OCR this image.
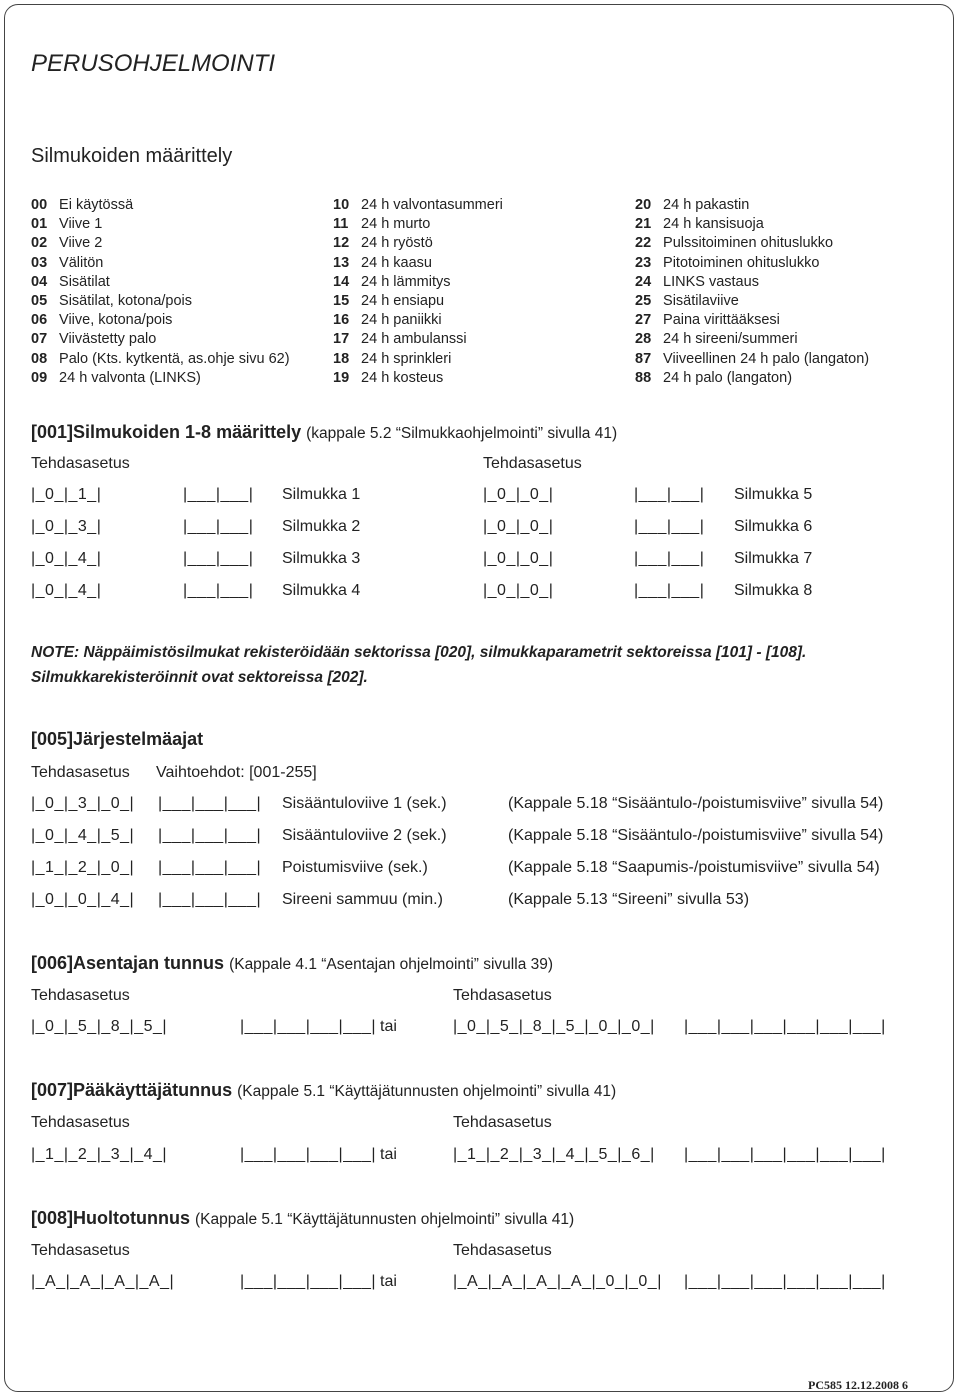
PERUSOHJELMOINTI
Silmukoiden määrittely
00 Ei käytössä
01 Viive 1
02 Viive 2
03 Välitön
04 Sisätilat
05 Sisätilat, kotona/pois
06 Viive, kotona/pois
07 Viivästetty palo
08 Palo (Kts. kytkentä, as.ohje sivu 62)
09 24 h valvonta (LINKS)
10 24 h valvontasummeri
11 24 h murto
12 24 h ryöstö
13 24 h kaasu
14 24 h lämmitys
15 24 h ensiapu
16 24 h paniikki
17 24 h ambulanssi
18 24 h sprinkleri
19 24 h kosteus
20 24 h pakastin
21 24 h kansisuoja
22 Pulssitoiminen ohituslukko
23 Pitotoiminen ohituslukko
24 LINKS vastaus
25 Sisätilaviive
27 Paina virittääksesi
28 24 h sireeni/summeri
87 Viiveellinen 24 h palo (langaton)
88 24 h palo (langaton)
[001]Silmukoiden 1-8 määrittely (kappale 5.2 “Silmukkaohjelmointi” sivulla 41)
Tehdasasetus	Tehdasasetus
|_0_|_1_|	|___|___| Silmukka 1
|_0_|_3_|	|___|___| Silmukka 2
|_0_|_4_|	|___|___| Silmukka 3
|_0_|_4_|	|___|___| Silmukka 4
|_0_|_0_|	|___|___| Silmukka 5
|_0_|_0_|	|___|___| Silmukka 6
|_0_|_0_|	|___|___| Silmukka 7
|_0_|_0_|	|___|___| Silmukka 8
NOTE: Näppäimistösilmukat rekisteröidään sektorissa [020], silmukkaparametrit sektoreissa [101] - [108]. Silmukkarekisteröinnit ovat sektoreissa [202].
[005]Järjestelmäajat
Tehdasasetus Vaihtoehdot: [001-255]
|_0_|_3_|_0_| |___|___|___| Sisääntuloviive 1 (sek.)	(Kappale 5.18 “Sisääntulo-/poistumisviive” sivulla 54)
|_0_|_4_|_5_| |___|___|___| Sisääntuloviive 2 (sek.)	(Kappale 5.18 “Sisääntulo-/poistumisviive” sivulla 54)
|_1_|_2_|_0_| |___|___|___| Poistumisviive (sek.)	(Kappale 5.18 “Saapumis-/poistumisviive” sivulla 54)
|_0_|_0_|_4_| |___|___|___| Sireeni sammuu (min.)	(Kappale 5.13 “Sireeni” sivulla 53)
[006]Asentajan tunnus (Kappale 4.1 “Asentajan ohjelmointi” sivulla 39)
Tehdasasetus	Tehdasasetus
|_0_|_5_|_8_|_5_|	|___|___|___|___| tai	|_0_|_5_|_8_|_5_|_0_|_0_| |___|___|___|___|___|___|
[007]Pääkäyttäjätunnus (Kappale 5.1 “Käyttäjätunnusten ohjelmointi” sivulla 41)
Tehdasasetus	Tehdasasetus
|_1_|_2_|_3_|_4_|	|___|___|___|___| tai	|_1_|_2_|_3_|_4_|_5_|_6_| |___|___|___|___|___|___|
[008]Huoltotunnus (Kappale 5.1 “Käyttäjätunnusten ohjelmointi” sivulla 41)
Tehdasasetus	Tehdasasetus
|_A_|_A_|_A_|_A_|	|___|___|___|___| tai	|_A_|_A_|_A_|_A_|_0_|_0_| |___|___|___|___|___|___|
PC585 12.12.2008 6
